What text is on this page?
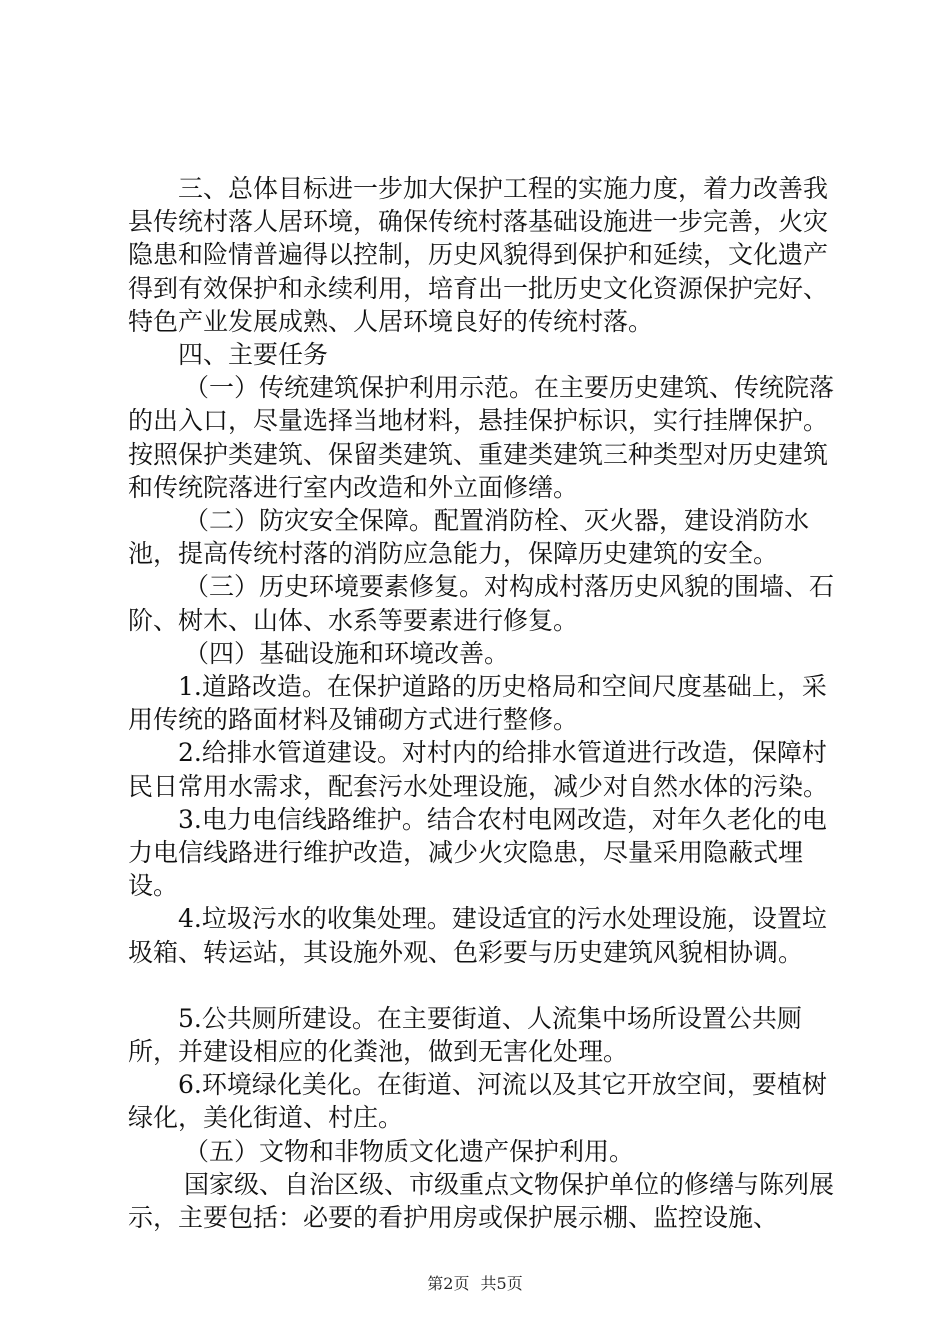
三、总体目标进一步加大保护工程的实施力度，着力改善我县传统村落人居环境，确保传统村落基础设施进一步完善，火灾隐患和险情普遍得以控制，历史风貌得到保护和延续，文化遗产得到有效保护和永续利用，培育出一批历史文化资源保护完好、特色产业发展成熟、人居环境良好的传统村落。

四、主要任务

（一）传统建筑保护利用示范。在主要历史建筑、传统院落的出入口，尽量选择当地材料，悬挂保护标识，实行挂牌保护。按照保护类建筑、保留类建筑、重建类建筑三种类型对历史建筑和传统院落进行室内改造和外立面修缮。

（二）防灾安全保障。配置消防栓、灭火器，建设消防水池，提高传统村落的消防应急能力，保障历史建筑的安全。

（三）历史环境要素修复。对构成村落历史风貌的围墙、石阶、树木、山体、水系等要素进行修复。

（四）基础设施和环境改善。

1.道路改造。在保护道路的历史格局和空间尺度基础上，采用传统的路面材料及铺砌方式进行整修。

2.给排水管道建设。对村内的给排水管道进行改造，保障村民日常用水需求，配套污水处理设施，减少对自然水体的污染。

3.电力电信线路维护。结合农村电网改造，对年久老化的电力电信线路进行维护改造，减少火灾隐患，尽量采用隐蔽式埋设。

4.垃圾污水的收集处理。建设适宜的污水处理设施，设置垃圾箱、转运站，其设施外观、色彩要与历史建筑风貌相协调。

5.公共厕所建设。在主要街道、人流集中场所设置公共厕所，并建设相应的化粪池，做到无害化处理。

6.环境绿化美化。在街道、河流以及其它开放空间，要植树绿化，美化街道、村庄。

（五）文物和非物质文化遗产保护利用。

国家级、自治区级、市级重点文物保护单位的修缮与陈列展示，主要包括：必要的看护用房或保护展示棚、监控设施、

第2页 共5页
